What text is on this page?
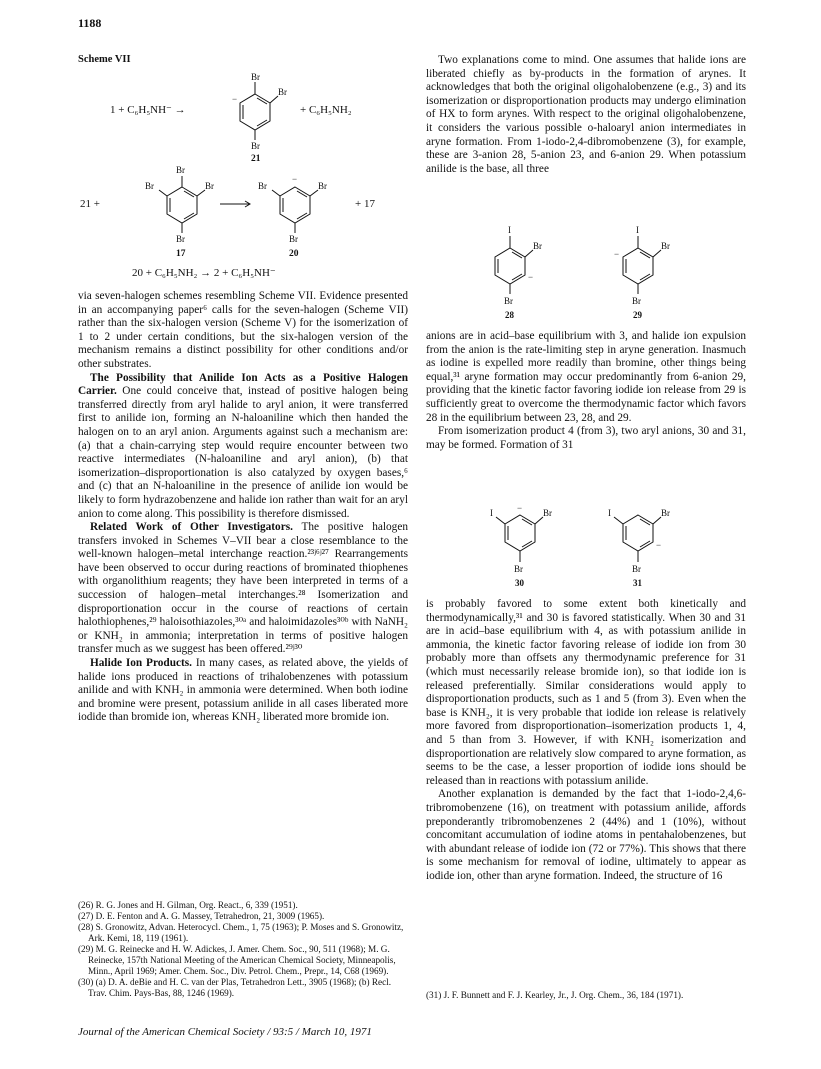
1188
Scheme VII
1 + C₆H₅NH⁻ →
Br
Br
Br
−
21
+ C₆H₅NH₂
21 +
Br
Br	Br
Br
17
Br	Br
−
Br
20
+ 17
20 + C₆H₅NH₂ → 2 + C₆H₅NH⁻

via seven-halogen schemes resembling Scheme VII. Evidence presented in an accompanying paper⁶ calls for the seven-halogen (Scheme VII) rather than the six-halogen version (Scheme V) for the isomerization of 1 to 2 under certain conditions, but the six-halogen version of the mechanism remains a distinct possibility for other conditions and/or other substrates.

The Possibility that Anilide Ion Acts as a Positive Halogen Carrier. One could conceive that, instead of positive halogen being transferred directly from aryl halide to aryl anion, it were transferred first to anilide ion, forming an N-haloaniline which then handed the halogen on to an aryl anion. Arguments against such a mechanism are: (a) that a chain-carrying step would require encounter between two reactive intermediates (N-haloaniline and aryl anion), (b) that isomerization–disproportionation is also catalyzed by oxygen bases,⁶ and (c) that an N-haloaniline in the presence of anilide ion would be likely to form hydrazobenzene and halide ion rather than wait for an aryl anion to come along. This possibility is therefore dismissed.

Related Work of Other Investigators. The positive halogen transfers invoked in Schemes V–VII bear a close resemblance to the well-known halogen–metal interchange reaction.²³ʲ⁶ʲ²⁷ Rearrangements have been observed to occur during reactions of brominated thiophenes with organolithium reagents; they have been interpreted in terms of a succession of halogen–metal interchanges.²⁸ Isomerization and disproportionation occur in the course of reactions of certain halothiophenes,²⁹ haloisothiazoles,³⁰ᵃ and haloimidazoles³⁰ᵇ with NaNH₂ or KNH₂ in ammonia; interpretation in terms of positive halogen transfer much as we suggest has been offered.²⁹ʲ³⁰

Halide Ion Products. In many cases, as related above, the yields of halide ions produced in reactions of trihalobenzenes with potassium anilide and with KNH₂ in ammonia were determined. When both iodine and bromine were present, potassium anilide in all cases liberated more iodide than bromide ion, whereas KNH₂ liberated more bromide ion.

(26) R. G. Jones and H. Gilman, Org. React., 6, 339 (1951).

(27) D. E. Fenton and A. G. Massey, Tetrahedron, 21, 3009 (1965).

(28) S. Gronowitz, Advan. Heterocycl. Chem., 1, 75 (1963); P. Moses and S. Gronowitz, Ark. Kemi, 18, 119 (1961).

(29) M. G. Reinecke and H. W. Adickes, J. Amer. Chem. Soc., 90, 511 (1968); M. G. Reinecke, 157th National Meeting of the American Chemical Society, Minneapolis, Minn., April 1969; Amer. Chem. Soc., Div. Petrol. Chem., Prepr., 14, C68 (1969).

(30) (a) D. A. deBie and H. C. van der Plas, Tetrahedron Lett., 3905 (1968); (b) Recl. Trav. Chim. Pays-Bas, 88, 1246 (1969).

Two explanations come to mind. One assumes that halide ions are liberated chiefly as by-products in the formation of arynes. It acknowledges that both the original oligohalobenzene (e.g., 3) and its isomerization or disproportionation products may undergo elimination of HX to form arynes. With respect to the original oligohalobenzene, it considers the various possible o-haloaryl anion intermediates in aryne formation. From 1-iodo-2,4-dibromobenzene (3), for example, these are 3-anion 28, 5-anion 23, and 6-anion 29. When potassium anilide is the base, all three

I
Br
−
Br
28
I
Br
−
Br
29

anions are in acid–base equilibrium with 3, and halide ion expulsion from the anion is the rate-limiting step in aryne generation. Inasmuch as iodine is expelled more readily than bromine, other things being equal,³¹ aryne formation may occur predominantly from 6-anion 29, providing that the kinetic factor favoring iodide ion release from 29 is sufficiently great to overcome the thermodynamic factor which favors 28 in the equilibrium between 23, 28, and 29.

From isomerization product 4 (from 3), two aryl anions, 30 and 31, may be formed. Formation of 31

I	Br
−
Br
30
I	Br
−
Br
31

is probably favored to some extent both kinetically and thermodynamically,³¹ and 30 is favored statistically. When 30 and 31 are in acid–base equilibrium with 4, as with potassium anilide in ammonia, the kinetic factor favoring release of iodide ion from 30 probably more than offsets any thermodynamic preference for 31 (which must necessarily release bromide ion), so that iodide ion is released preferentially. Similar considerations would apply to disproportionation products, such as 1 and 5 (from 3). Even when the base is KNH₂, it is very probable that iodide ion release is relatively more favored from disproportionation–isomerization products 1, 4, and 5 than from 3. However, if with KNH₂ isomerization and disproportionation are relatively slow compared to aryne formation, as seems to be the case, a lesser proportion of iodide ions should be released than in reactions with potassium anilide.

Another explanation is demanded by the fact that 1-iodo-2,4,6-tribromobenzene (16), on treatment with potassium anilide, affords preponderantly tribromobenzenes 2 (44%) and 1 (10%), without concomitant accumulation of iodine atoms in pentahalobenzenes, but with abundant release of iodide ion (72 or 77%). This shows that there is some mechanism for removal of iodine, ultimately to appear as iodide ion, other than aryne formation. Indeed, the structure of 16

(31) J. F. Bunnett and F. J. Kearley, Jr., J. Org. Chem., 36, 184 (1971).

Journal of the American Chemical Society / 93:5 / March 10, 1971
